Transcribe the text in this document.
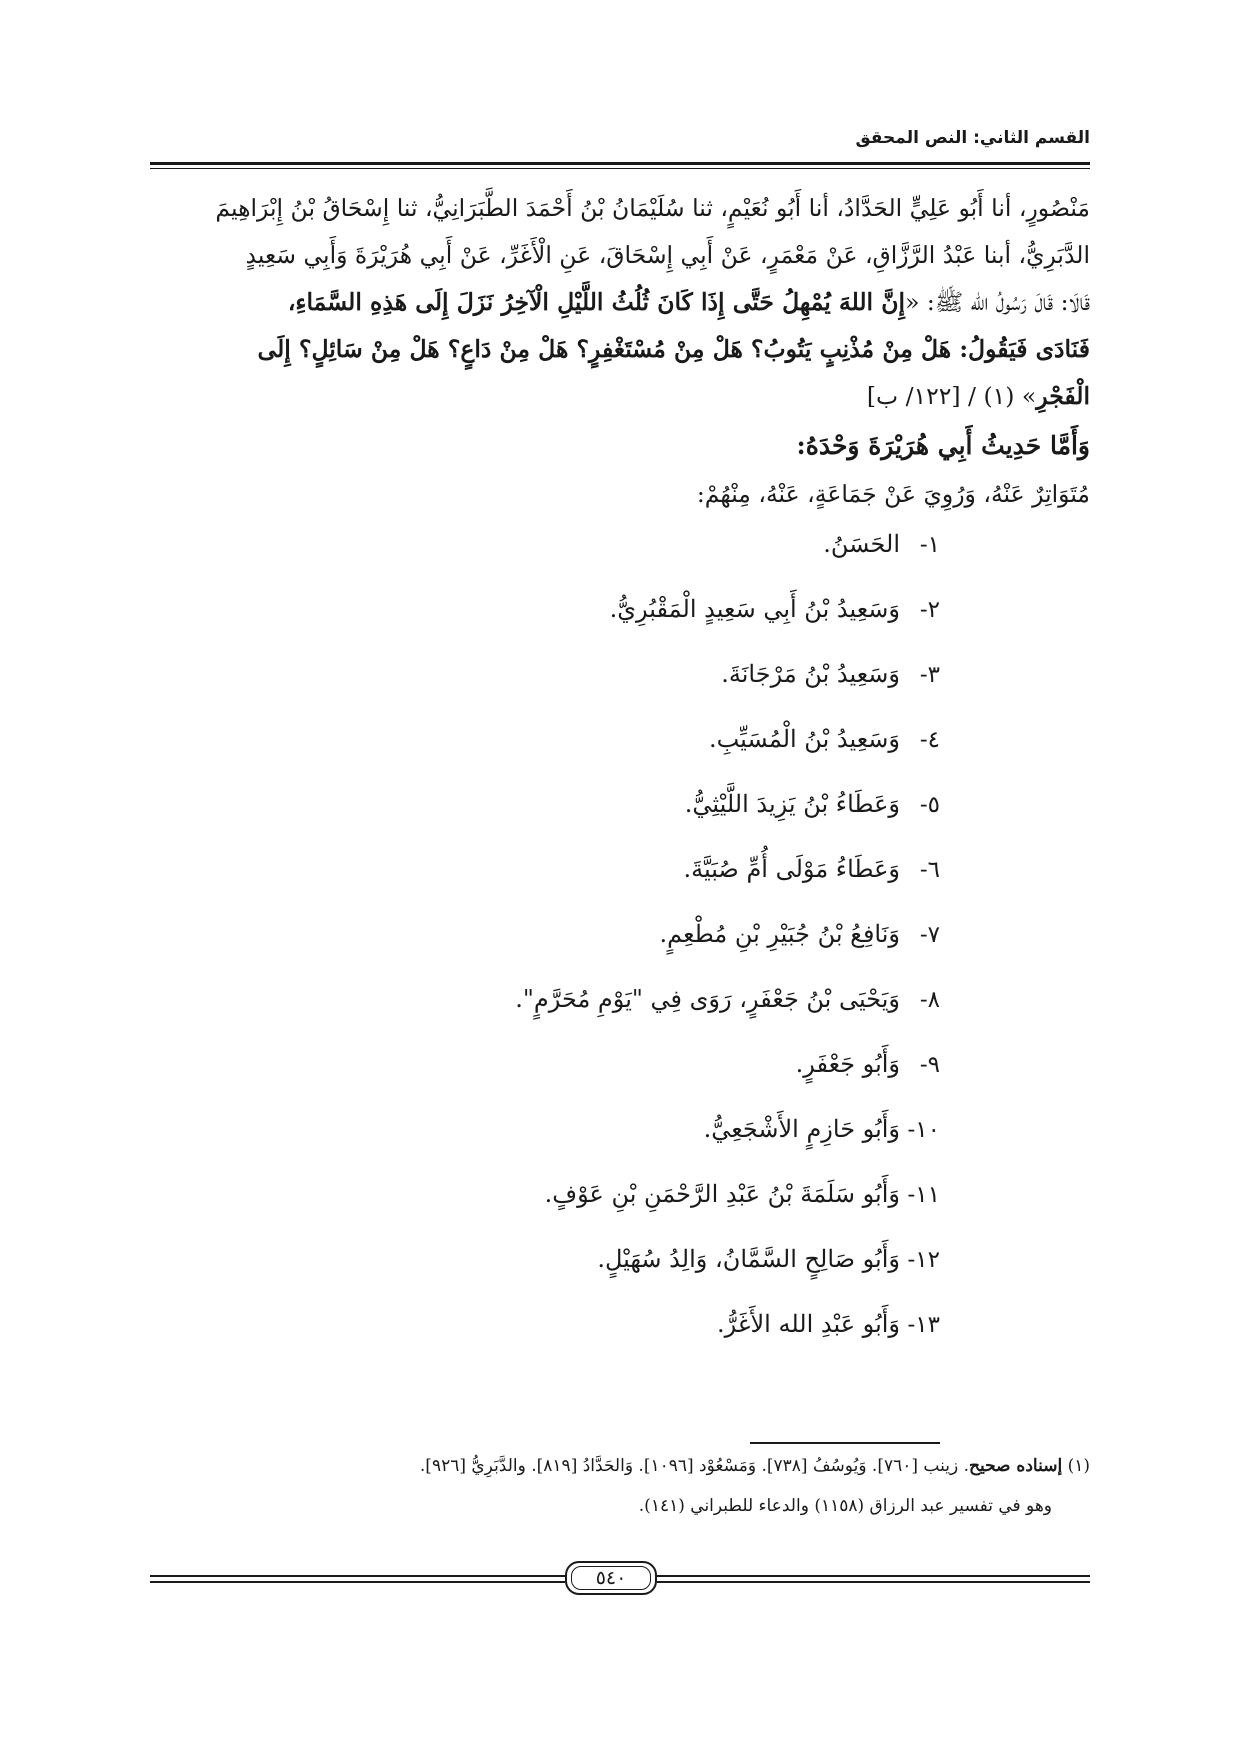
القسم الثاني: النص المحقق
مَنْصُورٍ، أنا أَبُو عَلِيٍّ الحَدَّادُ، أنا أَبُو نُعَيْمٍ، ثنا سُلَيْمَانُ بْنُ أَحْمَدَ الطَّبَرَانِيُّ، ثنا إِسْحَاقُ بْنُ إِبْرَاهِيمَ
الدَّبَرِيُّ، أبنا عَبْدُ الرَّزَّاقِ، عَنْ مَعْمَرٍ، عَنْ أَبِي إِسْحَاقَ، عَنِ الْأَغَرِّ، عَنْ أَبِي هُرَيْرَةَ وَأَبِي سَعِيدٍ
قَالَا: قَالَ رَسُولُ الله ﷺ: «إِنَّ اللهَ يُمْهِلُ حَتَّى إِذَا كَانَ ثُلُثُ اللَّيْلِ الْآخِرُ نَزَلَ إِلَى هَذِهِ السَّمَاءِ،
فَنَادَى فَيَقُولُ: هَلْ مِنْ مُذْنِبٍ يَتُوبُ؟ هَلْ مِنْ مُسْتَغْفِرٍ؟ هَلْ مِنْ دَاعٍ؟ هَلْ مِنْ سَائِلٍ؟ إِلَى
الْفَجْرِ» (١) / [١٢٢/ ب]
وَأَمَّا حَدِيثُ أَبِي هُرَيْرَةَ وَحْدَهُ:
مُتَوَاتِرٌ عَنْهُ، وَرُوِيَ عَنْ جَمَاعَةٍ، عَنْهُ، مِنْهُمْ:
١-
الحَسَنُ.
٢-
وَسَعِيدُ بْنُ أَبِي سَعِيدٍ الْمَقْبُرِيُّ.
٣-
وَسَعِيدُ بْنُ مَرْجَانَةَ.
٤-
وَسَعِيدُ بْنُ الْمُسَيِّبِ.
٥-
وَعَطَاءُ بْنُ يَزِيدَ اللَّيْثِيُّ.
٦-
وَعَطَاءُ مَوْلَى أُمِّ صُبَيَّةَ.
٧-
وَنَافِعُ بْنُ جُبَيْرِ بْنِ مُطْعِمٍ.
٨-
وَيَحْيَى بْنُ جَعْفَرٍ، رَوَى فِي "يَوْمِ مُحَرَّمٍ".
٩-
وَأَبُو جَعْفَرٍ.
١٠-
وَأَبُو حَازِمٍ الأَشْجَعِيُّ.
١١-
وَأَبُو سَلَمَةَ بْنُ عَبْدِ الرَّحْمَنِ بْنِ عَوْفٍ.
١٢-
وَأَبُو صَالِحٍ السَّمَّانُ، وَالِدُ سُهَيْلٍ.
١٣-
وَأَبُو عَبْدِ الله الأَغَرُّ.
(١) إسناده صحيح. زينب [٧٦٠]. وَيُوسُفُ [٧٣٨]. وَمَسْعُوْد [١٠٩٦]. وَالحَدَّادُ [٨١٩]. والدَّبَرِيُّ [٩٢٦].
وهو في تفسير عبد الرزاق (١١٥٨) والدعاء للطبراني (١٤١).
٥٤٠
